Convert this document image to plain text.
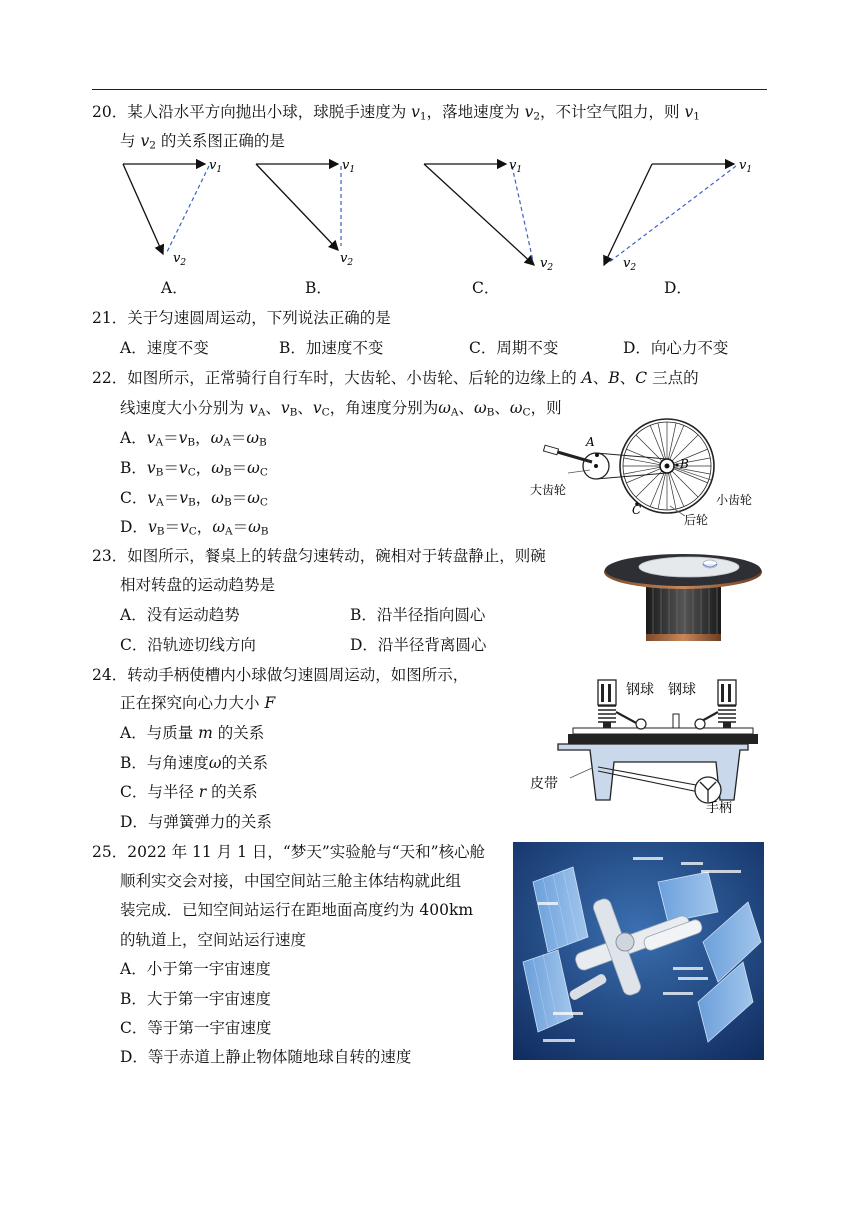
20．某人沿水平方向抛出小球，球脱手速度为 $v_1$，落地速度为 $v_2$，不计空气阻力，则 $v_1$
与 $v_2$ 的关系图正确的是
$v_1$
$v_2$
$v_1$
$v_2$
$v_1$
$v_2$
$v_1$
$v_2$
A．	B．	C．	D．
21．关于匀速圆周运动，下列说法正确的是
A．速度不变	B．加速度不变	C．周期不变	D．向心力不变
22．如图所示，正常骑行自行车时，大齿轮、小齿轮、后轮的边缘上的 A、B、C 三点的
线速度大小分别为 $v_A$、$v_B$、$v_C$，角速度分别为$\omega_A$、$\omega_B$、$\omega_C$，则
A．$v_A=v_B$，$\omega_A=\omega_B$
B．$v_B=v_C$，$\omega_B=\omega_C$
C．$v_A=v_B$，$\omega_B=\omega_C$
D．$v_B=v_C$，$\omega_A=\omega_B$
A
B
C
大齿轮
小齿轮
后轮
23．如图所示，餐桌上的转盘匀速转动，碗相对于转盘静止，则碗
相对转盘的运动趋势是
A．没有运动趋势	B．沿半径指向圆心
C．沿轨迹切线方向	D．沿半径背离圆心
24．转动手柄使槽内小球做匀速圆周运动，如图所示，
正在探究向心力大小 F
A．与质量 m 的关系
B．与角速度ω的关系
C．与半径 r 的关系
D．与弹簧弹力的关系
钢球 钢球
皮带
手柄
25．2022 年 11 月 1 日，“梦天”实验舱与“天和”核心舱
顺利实交会对接，中国空间站三舱主体结构就此组
装完成．已知空间站运行在距地面高度约为 400km
的轨道上，空间站运行速度
A．小于第一宇宙速度
B．大于第一宇宙速度
C．等于第一宇宙速度
D．等于赤道上静止物体随地球自转的速度
